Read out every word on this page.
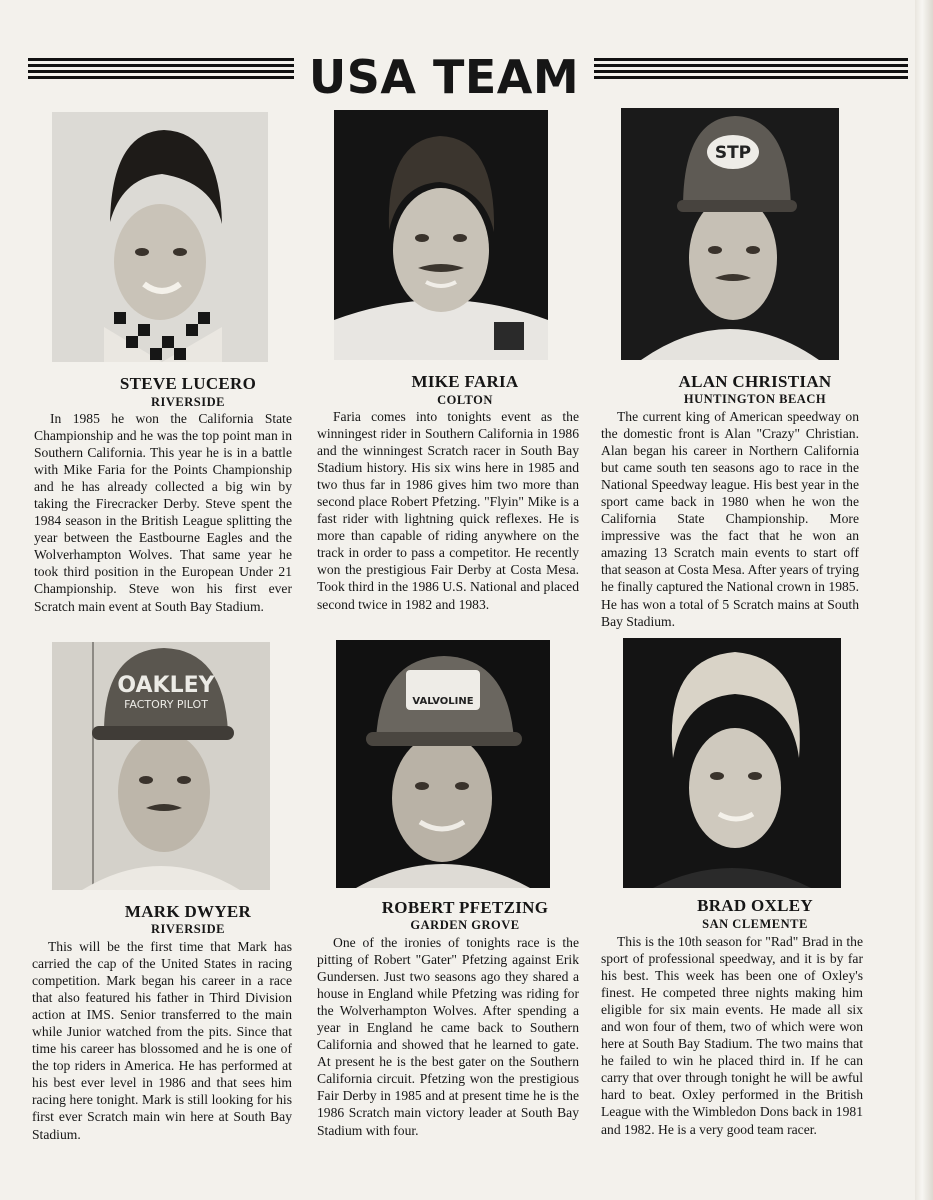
USA TEAM
STEVE LUCERO
RIVERSIDE
In 1985 he won the California State Championship and he was the top point man in Southern California. This year he is in a battle with Mike Faria for the Points Championship and he has already collected a big win by taking the Firecracker Derby. Steve spent the 1984 season in the British League splitting the year between the Eastbourne Eagles and the Wolverhampton Wolves. That same year he took third position in the European Under 21 Championship. Steve won his first ever Scratch main event at South Bay Stadium.
MIKE FARIA
COLTON
Faria comes into tonights event as the winningest rider in Southern California in 1986 and the winningest Scratch racer in South Bay Stadium history. His six wins here in 1985 and two thus far in 1986 gives him two more than second place Robert Pfetzing. "Flyin" Mike is a fast rider with lightning quick reflexes. He is more than capable of riding anywhere on the track in order to pass a competitor. He recently won the prestigious Fair Derby at Costa Mesa. Took third in the 1986 U.S. National and placed second twice in 1982 and 1983.
STP
ALAN CHRISTIAN
HUNTINGTON BEACH
The current king of American speedway on the domestic front is Alan "Crazy" Christian. Alan began his career in Northern California but came south ten seasons ago to race in the National Speedway league. His best year in the sport came back in 1980 when he won the California State Championship. More impressive was the fact that he won an amazing 13 Scratch main events to start off that season at Costa Mesa. After years of trying he finally captured the National crown in 1985. He has won a total of 5 Scratch mains at South Bay Stadium.
OAKLEY
FACTORY PILOT
MARK DWYER
RIVERSIDE
This will be the first time that Mark has carried the cap of the United States in racing competition. Mark began his career in a race that also featured his father in Third Division action at IMS. Senior transferred to the main while Junior watched from the pits. Since that time his career has blossomed and he is one of the top riders in America. He has performed at his best ever level in 1986 and that sees him racing here tonight. Mark is still looking for his first ever Scratch main win here at South Bay Stadium.
VALVOLINE
ROBERT PFETZING
GARDEN GROVE
One of the ironies of tonights race is the pitting of Robert "Gater" Pfetzing against Erik Gundersen. Just two seasons ago they shared a house in England while Pfetzing was riding for the Wolverhampton Wolves. After spending a year in England he came back to Southern California and showed that he learned to gate. At present he is the best gater on the Southern California circuit. Pfetzing won the prestigious Fair Derby in 1985 and at present time he is the 1986 Scratch main victory leader at South Bay Stadium with four.
BRAD OXLEY
SAN CLEMENTE
This is the 10th season for "Rad" Brad in the sport of professional speedway, and it is by far his best. This week has been one of Oxley's finest. He competed three nights making him eligible for six main events. He made all six and won four of them, two of which were won here at South Bay Stadium. The two mains that he failed to win he placed third in. If he can carry that over through tonight he will be awful hard to beat. Oxley performed in the British League with the Wimbledon Dons back in 1981 and 1982. He is a very good team racer.
